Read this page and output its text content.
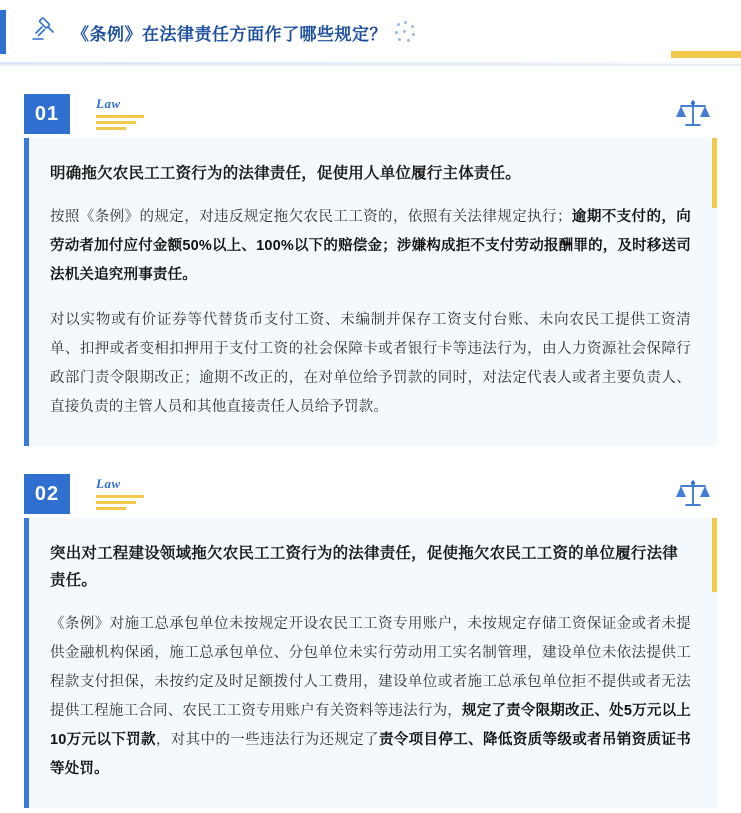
《条例》在法律责任方面作了哪些规定？
01	Law

明确拖欠农民工工资行为的法律责任，促使用人单位履行主体责任。

按照《条例》的规定，对违反规定拖欠农民工工资的，依照有关法律规定执行；逾期不支付的，向劳动者加付应付金额50%以上、100%以下的赔偿金；涉嫌构成拒不支付劳动报酬罪的，及时移送司法机关追究刑事责任。

对以实物或有价证券等代替货币支付工资、未编制并保存工资支付台账、未向农民工提供工资清单、扣押或者变相扣押用于支付工资的社会保障卡或者银行卡等违法行为，由人力资源社会保障行政部门责令限期改正；逾期不改正的，在对单位给予罚款的同时，对法定代表人或者主要负责人、直接负责的主管人员和其他直接责任人员给予罚款。

02	Law

突出对工程建设领域拖欠农民工工资行为的法律责任，促使拖欠农民工工资的单位履行法律责任。

《条例》对施工总承包单位未按规定开设农民工工资专用账户，未按规定存储工资保证金或者未提供金融机构保函，施工总承包单位、分包单位未实行劳动用工实名制管理，建设单位未依法提供工程款支付担保，未按约定及时足额拨付人工费用，建设单位或者施工总承包单位拒不提供或者无法提供工程施工合同、农民工工资专用账户有关资料等违法行为，规定了责令限期改正、处5万元以上10万元以下罚款，对其中的一些违法行为还规定了责令项目停工、降低资质等级或者吊销资质证书等处罚。
